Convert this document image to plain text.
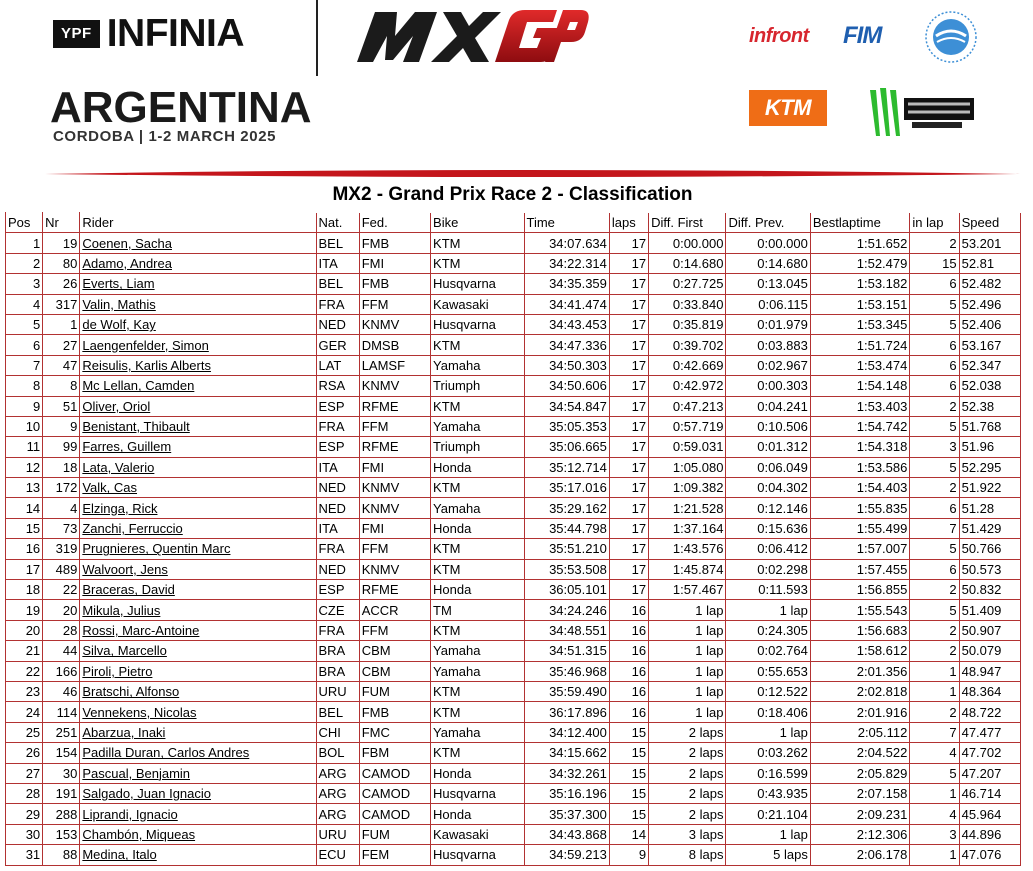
YPF INFINIA
ARGENTINA
CORDOBA | 1-2 MARCH 2025
infront FIM
KTM
MX2 - Grand Prix Race 2 - Classification
Pos	Nr	Rider	Nat.	Fed.	Bike	Time	laps	Diff. First	Diff. Prev.	Bestlaptime	in lap	Speed
1	19	Coenen, Sacha	BEL	FMB	KTM	34:07.634	17	0:00.000	0:00.000	1:51.652	2	53.201
2	80	Adamo, Andrea	ITA	FMI	KTM	34:22.314	17	0:14.680	0:14.680	1:52.479	15	52.81
3	26	Everts, Liam	BEL	FMB	Husqvarna	34:35.359	17	0:27.725	0:13.045	1:53.182	6	52.482
4	317	Valin, Mathis	FRA	FFM	Kawasaki	34:41.474	17	0:33.840	0:06.115	1:53.151	5	52.496
5	1	de Wolf, Kay	NED	KNMV	Husqvarna	34:43.453	17	0:35.819	0:01.979	1:53.345	5	52.406
6	27	Laengenfelder, Simon	GER	DMSB	KTM	34:47.336	17	0:39.702	0:03.883	1:51.724	6	53.167
7	47	Reisulis, Karlis Alberts	LAT	LAMSF	Yamaha	34:50.303	17	0:42.669	0:02.967	1:53.474	6	52.347
8	8	Mc Lellan, Camden	RSA	KNMV	Triumph	34:50.606	17	0:42.972	0:00.303	1:54.148	6	52.038
9	51	Oliver, Oriol	ESP	RFME	KTM	34:54.847	17	0:47.213	0:04.241	1:53.403	2	52.38
10	9	Benistant, Thibault	FRA	FFM	Yamaha	35:05.353	17	0:57.719	0:10.506	1:54.742	5	51.768
11	99	Farres, Guillem	ESP	RFME	Triumph	35:06.665	17	0:59.031	0:01.312	1:54.318	3	51.96
12	18	Lata, Valerio	ITA	FMI	Honda	35:12.714	17	1:05.080	0:06.049	1:53.586	5	52.295
13	172	Valk, Cas	NED	KNMV	KTM	35:17.016	17	1:09.382	0:04.302	1:54.403	2	51.922
14	4	Elzinga, Rick	NED	KNMV	Yamaha	35:29.162	17	1:21.528	0:12.146	1:55.835	6	51.28
15	73	Zanchi, Ferruccio	ITA	FMI	Honda	35:44.798	17	1:37.164	0:15.636	1:55.499	7	51.429
16	319	Prugnieres, Quentin Marc	FRA	FFM	KTM	35:51.210	17	1:43.576	0:06.412	1:57.007	5	50.766
17	489	Walvoort, Jens	NED	KNMV	KTM	35:53.508	17	1:45.874	0:02.298	1:57.455	6	50.573
18	22	Braceras, David	ESP	RFME	Honda	36:05.101	17	1:57.467	0:11.593	1:56.855	2	50.832
19	20	Mikula, Julius	CZE	ACCR	TM	34:24.246	16	1 lap	1 lap	1:55.543	5	51.409
20	28	Rossi, Marc-Antoine	FRA	FFM	KTM	34:48.551	16	1 lap	0:24.305	1:56.683	2	50.907
21	44	Silva, Marcello	BRA	CBM	Yamaha	34:51.315	16	1 lap	0:02.764	1:58.612	2	50.079
22	166	Piroli, Pietro	BRA	CBM	Yamaha	35:46.968	16	1 lap	0:55.653	2:01.356	1	48.947
23	46	Bratschi, Alfonso	URU	FUM	KTM	35:59.490	16	1 lap	0:12.522	2:02.818	1	48.364
24	114	Vennekens, Nicolas	BEL	FMB	KTM	36:17.896	16	1 lap	0:18.406	2:01.916	2	48.722
25	251	Abarzua, Inaki	CHI	FMC	Yamaha	34:12.400	15	2 laps	1 lap	2:05.112	7	47.477
26	154	Padilla Duran, Carlos Andres	BOL	FBM	KTM	34:15.662	15	2 laps	0:03.262	2:04.522	4	47.702
27	30	Pascual, Benjamin	ARG	CAMOD	Honda	34:32.261	15	2 laps	0:16.599	2:05.829	5	47.207
28	191	Salgado, Juan Ignacio	ARG	CAMOD	Husqvarna	35:16.196	15	2 laps	0:43.935	2:07.158	1	46.714
29	288	Liprandi, Ignacio	ARG	CAMOD	Honda	35:37.300	15	2 laps	0:21.104	2:09.231	4	45.964
30	153	Chambón, Miqueas	URU	FUM	Kawasaki	34:43.868	14	3 laps	1 lap	2:12.306	3	44.896
31	88	Medina, Italo	ECU	FEM	Husqvarna	34:59.213	9	8 laps	5 laps	2:06.178	1	47.076
